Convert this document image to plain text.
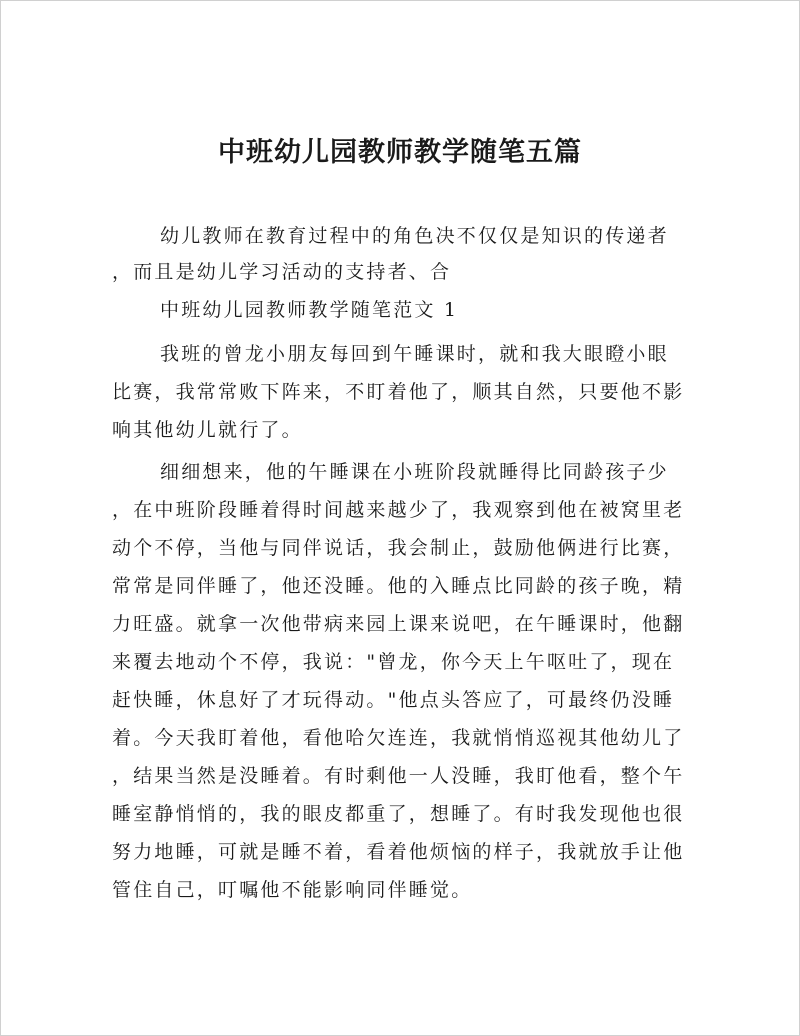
中班幼儿园教师教学随笔五篇
幼儿教师在教育过程中的角色决不仅仅是知识的传递者
，而且是幼儿学习活动的支持者、合
中班幼儿园教师教学随笔范文 1
我班的曾龙小朋友每回到午睡课时，就和我大眼瞪小眼
比赛，我常常败下阵来，不盯着他了，顺其自然，只要他不影
响其他幼儿就行了。
细细想来，他的午睡课在小班阶段就睡得比同龄孩子少
，在中班阶段睡着得时间越来越少了，我观察到他在被窝里老
动个不停，当他与同伴说话，我会制止，鼓励他俩进行比赛，
常常是同伴睡了，他还没睡。他的入睡点比同龄的孩子晚，精
力旺盛。就拿一次他带病来园上课来说吧，在午睡课时，他翻
来覆去地动个不停，我说："曾龙，你今天上午呕吐了，现在
赶快睡，休息好了才玩得动。"他点头答应了，可最终仍没睡
着。今天我盯着他，看他哈欠连连，我就悄悄巡视其他幼儿了
，结果当然是没睡着。有时剩他一人没睡，我盯他看，整个午
睡室静悄悄的，我的眼皮都重了，想睡了。有时我发现他也很
努力地睡，可就是睡不着，看着他烦恼的样子，我就放手让他
管住自己，叮嘱他不能影响同伴睡觉。
